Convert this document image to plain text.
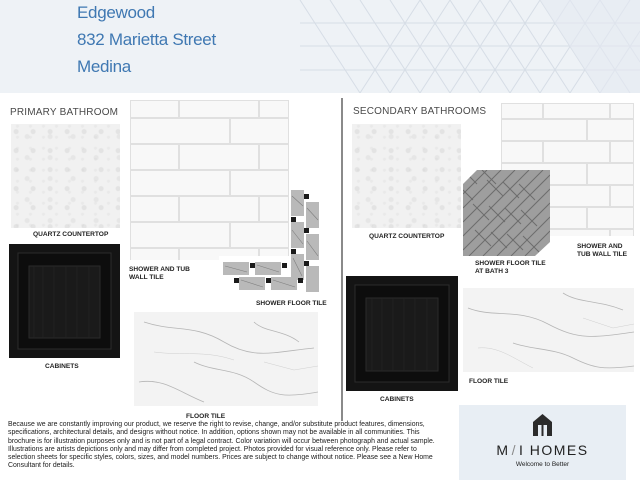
Edgewood
832 Marietta Street
Medina
PRIMARY BATHROOM
QUARTZ COUNTERTOP
SHOWER AND TUB
WALL TILE
SHOWER FLOOR TILE
CABINETS
FLOOR TILE
SECONDARY BATHROOMS
QUARTZ COUNTERTOP
SHOWER AND
TUB WALL TILE
SHOWER FLOOR TILE
AT BATH 3
FLOOR TILE
CABINETS
Because we are constantly improving our product, we reserve the right to revise, change, and/or substitute product features, dimensions, specifications, architectural details, and designs without notice. In addition, options shown may not be available in all communities. This brochure is for illustration purposes only and is not part of a legal contract. Color variation will occur between photograph and actual sample. Illustrations are artists depictions only and may differ from completed project. Photos provided for visual reference only. Please refer to selection sheets for specific styles, colors, sizes, and model numbers. Prices are subject to change without notice. Please see a New Home Consultant for details.
M / I HOMES
Welcome to Better
